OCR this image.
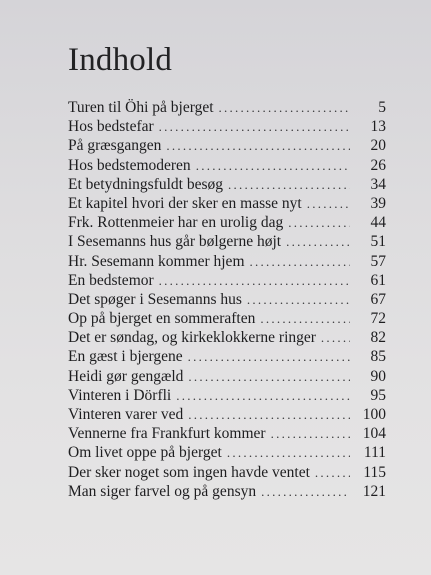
Indhold
Turen til Öhi på bjerget . . .	5
Hos bedstefar . . .	13
På græsgangen . . .	20
Hos bedstemoderen . . .	26
Et betydningsfuldt besøg . . .	34
Et kapitel hvori der sker en masse nyt . . .	39
Frk. Rottenmeier har en urolig dag . . .	44
I Sesemanns hus går bølgerne højt . . .	51
Hr. Sesemann kommer hjem . . .	57
En bedstemor . . .	61
Det spøger i Sesemanns hus . . .	67
Op på bjerget en sommeraften . . .	72
Det er søndag, og kirkeklokkerne ringer . . .	82
En gæst i bjergene . . .	85
Heidi gør gengæld . . .	90
Vinteren i Dörfli . . .	95
Vinteren varer ved . . .	100
Vennerne fra Frankfurt kommer . . .	104
Om livet oppe på bjerget . . .	111
Der sker noget som ingen havde ventet . . .	115
Man siger farvel og på gensyn . . .	121
